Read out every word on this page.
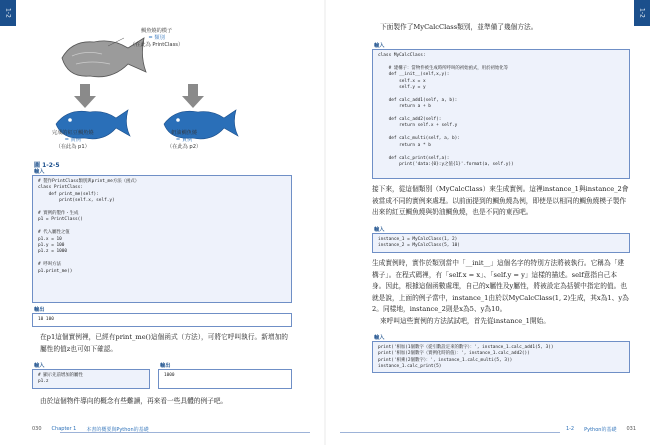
1-2	1-2
鯛魚燒的模子
= 類別
（在此為 PrintClass）
完成的紅豆鯛魚燒
= 實例
（在此為 p1）
奶油鯛魚燒
= 實例
（在此為 p2）
圖 1-2-5
輸入
# 製作PrintClass類別與print_me方法（函式）
class PrintClass:
def print_me(self):
print(self.x, self.y)

# 實例的製作・生成
p1 = PrintClass()

# 代入屬性之值
p1.x = 10
p1.y = 100
p1.z = 1000

# 呼叫方法
p1.print_me()
輸出
10 100
在p1這個實例裡，已經有print_me()這個函式（方法），可將它呼叫執行。新增加的屬性的值z也可如下確認。
輸入
# 顯示先前增加的屬性
p1.z
輸出
1000
由於這個物件導向的概念有些難讀，再來看一些具體的例子吧。
030 Chapter 1 本書的概要與Python的基礎
下面製作了MyCalcClass類別，並準備了幾個方法。
輸入
class MyCalcClass:

# 建構子：當物件被生成時所呼叫的初始函式，用於初始化等
def __init__(self,x,y):
self.x = x
self.y = y

def calc_add1(self, a, b):
return a + b

def calc_add2(self):
return self.x + self.y

def calc_multi(self, a, b):
return a * b

def calc_print(self,a):
print('data:{0}:y之值{1}'.format(a, self.y))
接下來，從這個類別（MyCalcClass）來生成實例。這裡instance_1與instance_2會被當成不同的實例來處理。以前面提到的鯛魚燒為例，即使是以相同的鯛魚燒模子製作出來的紅豆鯛魚燒與奶油鯛魚燒，也是不同的東西吧。
輸入
instance_1 = MyCalcClass(1, 2)
instance_2 = MyCalcClass(5, 10)
生成實例時，實作於類別當中「__init__」這個名字的特別方法將被執行。它稱為「建構子」。在程式碼裡，有「self.x = x」、「self.y = y」這樣的描述。self意指自己本身。因此，根據這個函數處理，自己的x屬性及y屬性，將被設定為括號中指定的值。也就是說，上面的例子當中，instance_1由於以MyCalcClass(1, 2)生成，其x為1、y為2。同樣地，instance_2則是x為5、y為10。
來呼叫這些實例的方法試試吧，首先從instance_1開始。
輸入
print('相加(1個數字（從引數設定來的數字）：', instance_1.calc_add1(5, 3))
print('相加(2個數字（實例化時的值）：', instance_1.calc_add2())
print('相乘(2個數字）：', instance_1.calc_multi(5, 3))
instance_1.calc_print(5)
1-2 Python的基礎 031
